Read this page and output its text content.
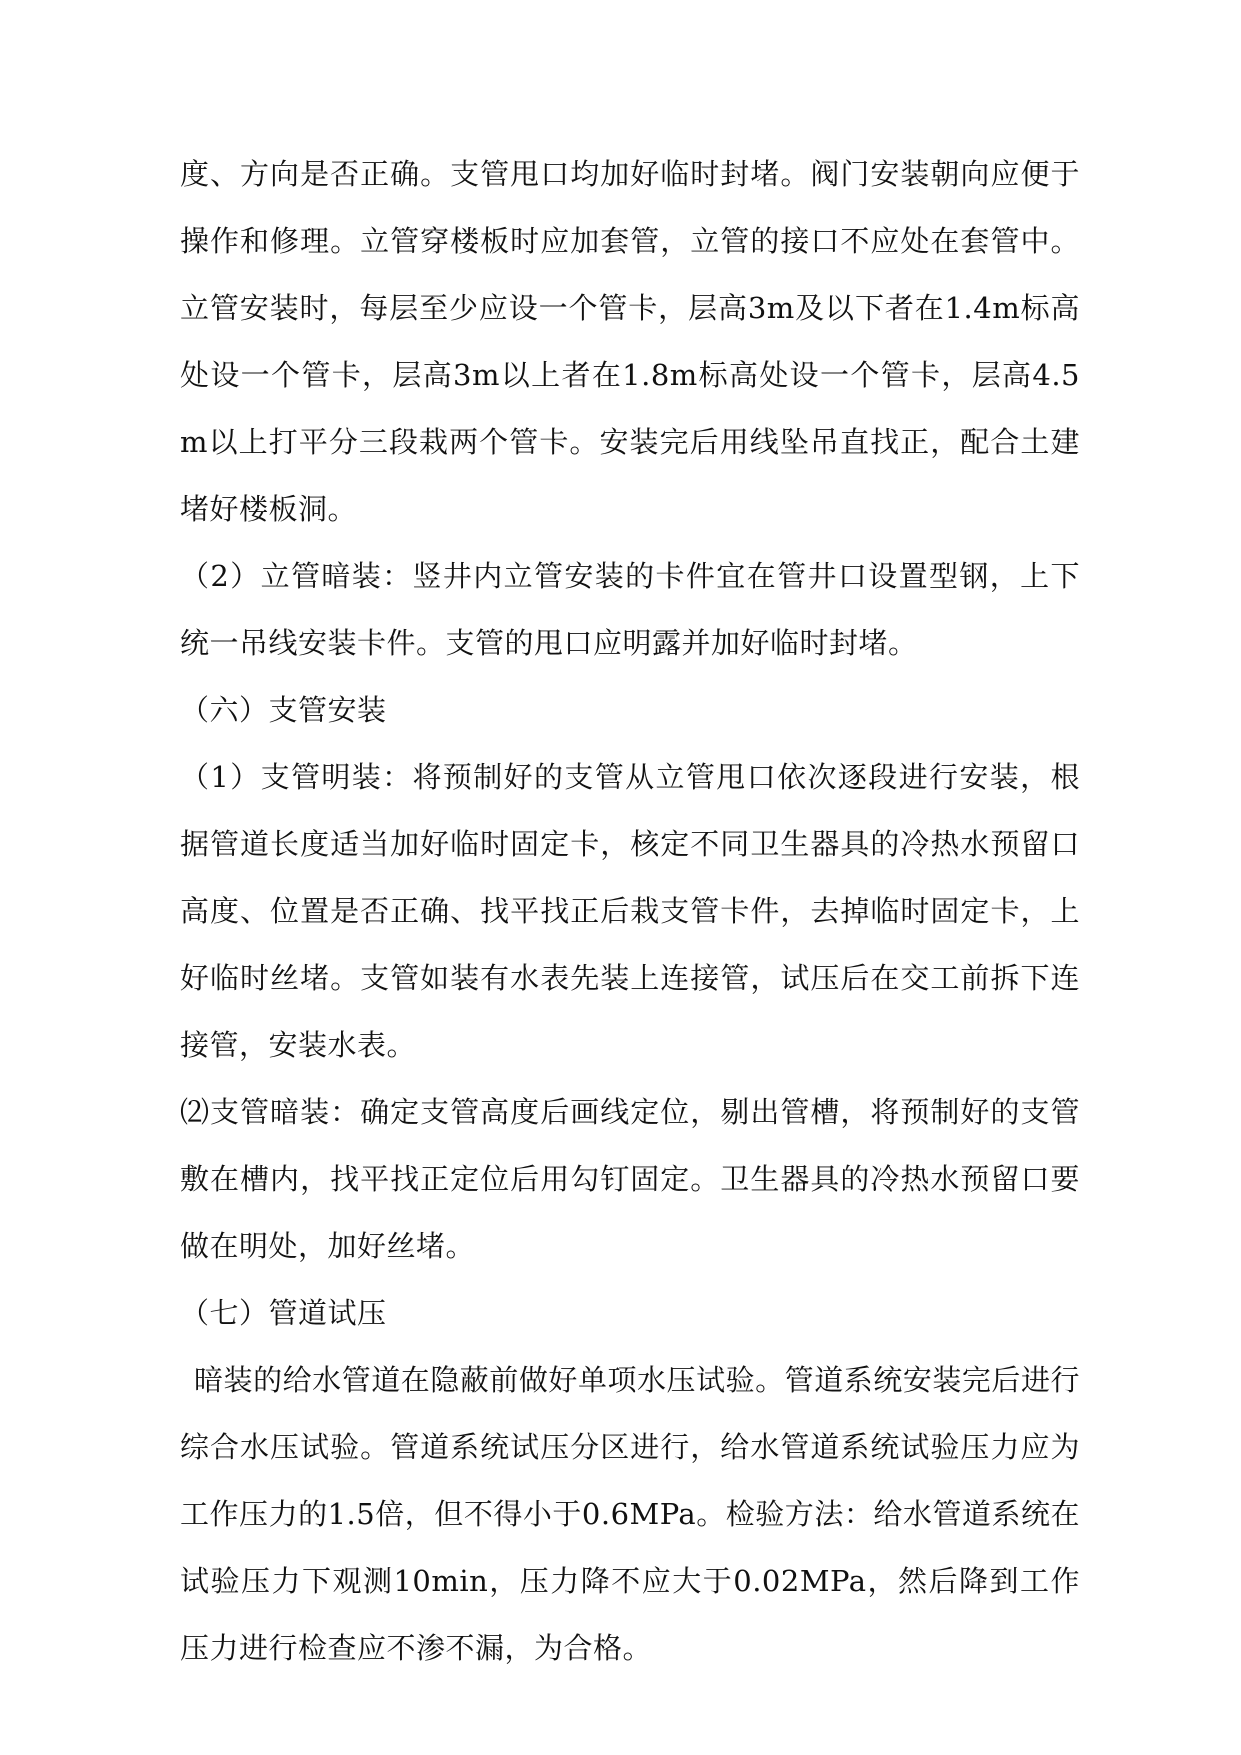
度、方向是否正确。支管甩口均加好临时封堵。阀门安装朝向应便于操作和修理。立管穿楼板时应加套管，立管的接口不应处在套管中。立管安装时，每层至少应设一个管卡，层高3m及以下者在1.4m标高处设一个管卡，层高3m以上者在1.8m标高处设一个管卡，层高4.5m以上打平分三段栽两个管卡。安装完后用线坠吊直找正，配合土建堵好楼板洞。

（2）立管暗装：竖井内立管安装的卡件宜在管井口设置型钢，上下统一吊线安装卡件。支管的甩口应明露并加好临时封堵。

（六）支管安装

（1）支管明装：将预制好的支管从立管甩口依次逐段进行安装，根据管道长度适当加好临时固定卡，核定不同卫生器具的冷热水预留口高度、位置是否正确、找平找正后栽支管卡件，去掉临时固定卡，上好临时丝堵。支管如装有水表先装上连接管，试压后在交工前拆下连接管，安装水表。

⑵支管暗装：确定支管高度后画线定位，剔出管槽，将预制好的支管敷在槽内，找平找正定位后用勾钉固定。卫生器具的冷热水预留口要做在明处，加好丝堵。

（七）管道试压

暗装的给水管道在隐蔽前做好单项水压试验。管道系统安装完后进行综合水压试验。管道系统试压分区进行，给水管道系统试验压力应为工作压力的1.5倍，但不得小于0.6MPa。检验方法：给水管道系统在试验压力下观测10min，压力降不应大于0.02MPa，然后降到工作压力进行检查应不渗不漏，为合格。
